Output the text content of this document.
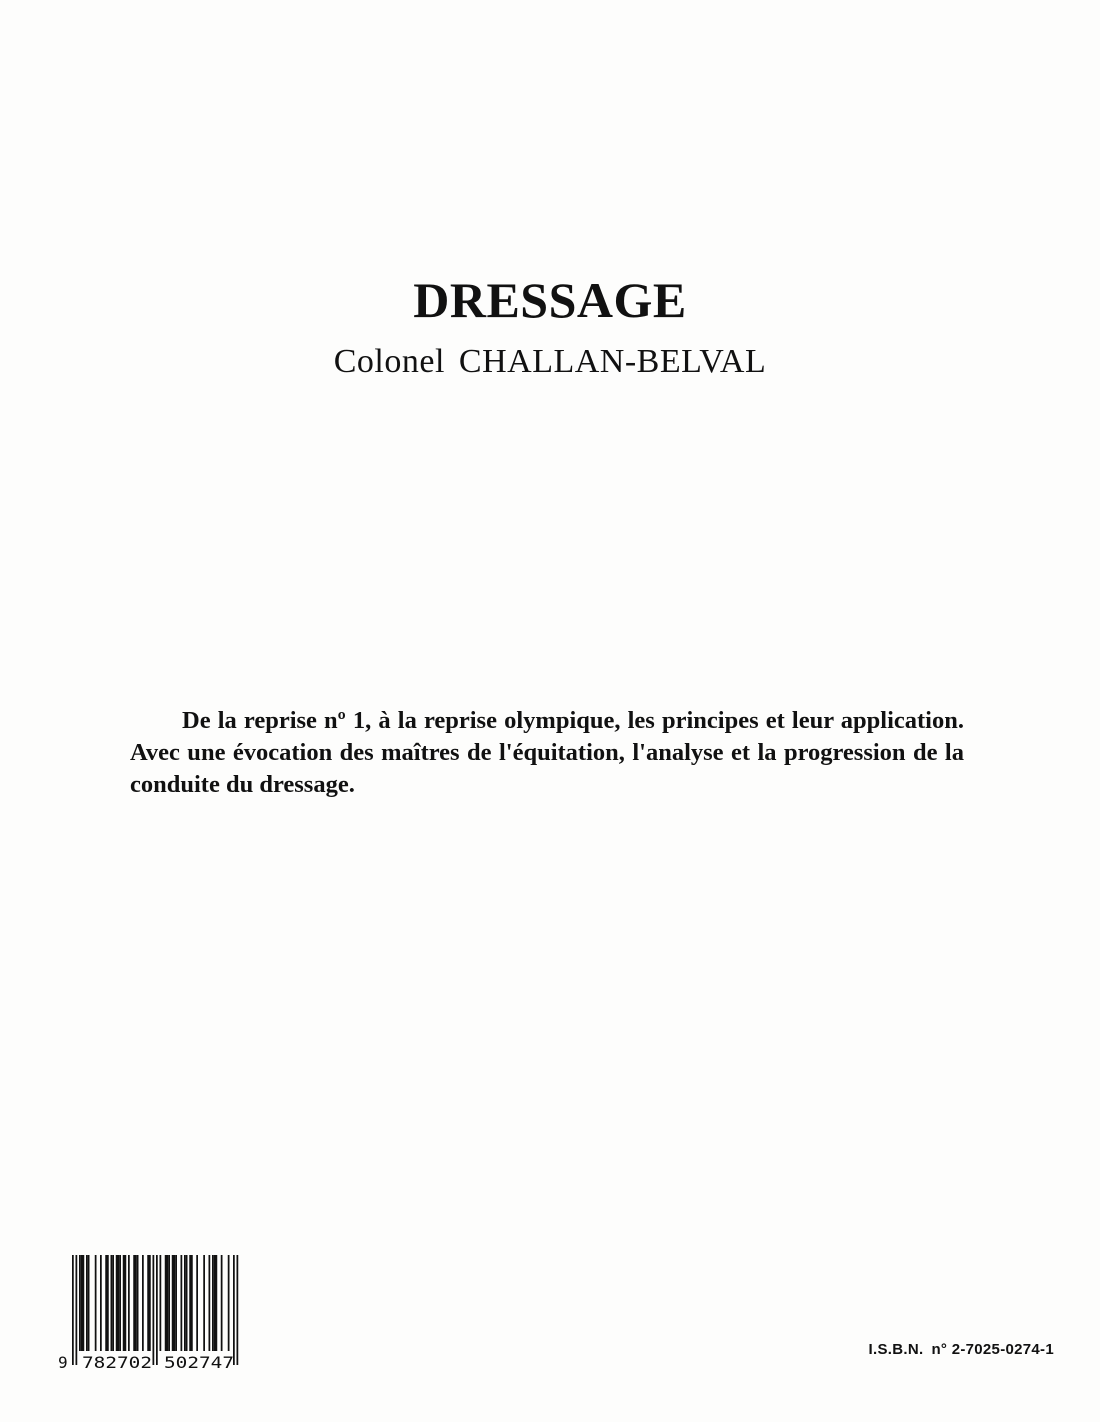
DRESSAGE
Colonel CHALLAN-BELVAL

De la reprise nº 1, à la reprise olympique, les principes et leur application. Avec une évocation des maîtres de l'équitation, l'analyse et la progression de la conduite du dressage.

9 782702 502747
I.S.B.N. n° 2-7025-0274-1
